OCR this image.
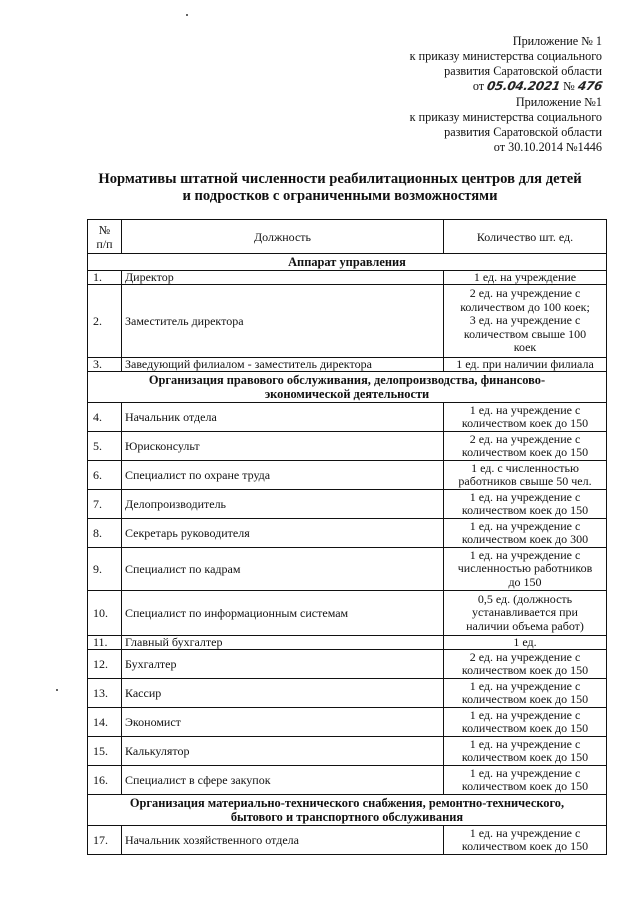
Приложение № 1
к приказу министерства социального
развития Саратовской области
от 05.04.2021 № 476
Приложение №1
к приказу министерства социального
развития Саратовской области
от 30.10.2014 №1446
Нормативы штатной численности реабилитационных центров для детей
и подростков с ограниченными возможностями
№
п/п	Должность	Количество шт. ед.
Аппарат управления		
1.	Директор	1 ед. на учреждение
2.	Заместитель директора	2 ед. на учреждение с
количеством до 100 коек;
3 ед. на учреждение с
количеством свыше 100
коек
3.	Заведующий филиалом - заместитель директора	1 ед. при наличии филиала
Организация правового обслуживания, делопроизводства, финансово-
экономической деятельности		
4.	Начальник отдела	1 ед. на учреждение с
количеством коек до 150
5.	Юрисконсульт	2 ед. на учреждение с
количеством коек до 150
6.	Специалист по охране труда	1 ед. с численностью
работников свыше 50 чел.
7.	Делопроизводитель	1 ед. на учреждение с
количеством коек до 150
8.	Секретарь руководителя	1 ед. на учреждение с
количеством коек до 300
9.	Специалист по кадрам	1 ед. на учреждение с
численностью работников
до 150
10.	Специалист по информационным системам	0,5 ед. (должность
устанавливается при
наличии объема работ)
11.	Главный бухгалтер	1 ед.
12.	Бухгалтер	2 ед. на учреждение с
количеством коек до 150
13.	Кассир	1 ед. на учреждение с
количеством коек до 150
14.	Экономист	1 ед. на учреждение с
количеством коек до 150
15.	Калькулятор	1 ед. на учреждение с
количеством коек до 150
16.	Специалист в сфере закупок	1 ед. на учреждение с
количеством коек до 150
Организация материально-технического снабжения, ремонтно-технического,
бытового и транспортного обслуживания		
17.	Начальник хозяйственного отдела	1 ед. на учреждение с
количеством коек до 150
